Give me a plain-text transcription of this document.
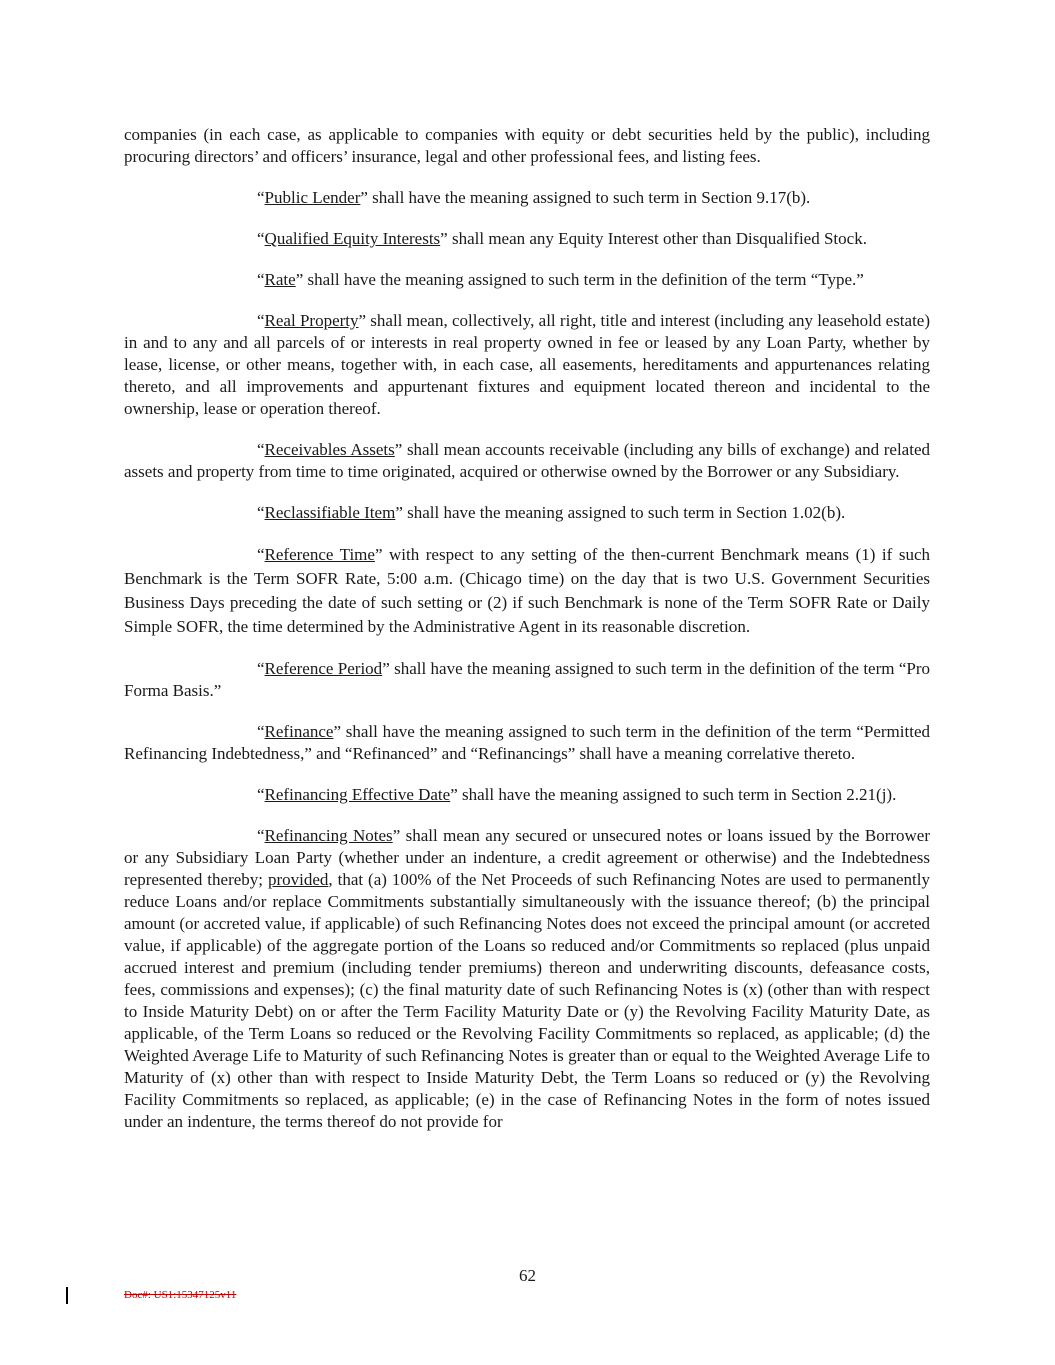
companies (in each case, as applicable to companies with equity or debt securities held by the public), including procuring directors’ and officers’ insurance, legal and other professional fees, and listing fees.

“Public Lender” shall have the meaning assigned to such term in Section 9.17(b).

“Qualified Equity Interests” shall mean any Equity Interest other than Disqualified Stock.

“Rate” shall have the meaning assigned to such term in the definition of the term “Type.”

“Real Property” shall mean, collectively, all right, title and interest (including any leasehold estate) in and to any and all parcels of or interests in real property owned in fee or leased by any Loan Party, whether by lease, license, or other means, together with, in each case, all easements, hereditaments and appurtenances relating thereto, and all improvements and appurtenant fixtures and equipment located thereon and incidental to the ownership, lease or operation thereof.

“Receivables Assets” shall mean accounts receivable (including any bills of exchange) and related assets and property from time to time originated, acquired or otherwise owned by the Borrower or any Subsidiary.

“Reclassifiable Item” shall have the meaning assigned to such term in Section 1.02(b).

“Reference Time” with respect to any setting of the then-current Benchmark means (1) if such Benchmark is the Term SOFR Rate, 5:00 a.m. (Chicago time) on the day that is two U.S. Government Securities Business Days preceding the date of such setting or (2) if such Benchmark is none of the Term SOFR Rate or Daily Simple SOFR, the time determined by the Administrative Agent in its reasonable discretion.

“Reference Period” shall have the meaning assigned to such term in the definition of the term “Pro Forma Basis.”

“Refinance” shall have the meaning assigned to such term in the definition of the term “Permitted Refinancing Indebtedness,” and “Refinanced” and “Refinancings” shall have a meaning correlative thereto.

“Refinancing Effective Date” shall have the meaning assigned to such term in Section 2.21(j).

“Refinancing Notes” shall mean any secured or unsecured notes or loans issued by the Borrower or any Subsidiary Loan Party (whether under an indenture, a credit agreement or otherwise) and the Indebtedness represented thereby; provided, that (a) 100% of the Net Proceeds of such Refinancing Notes are used to permanently reduce Loans and/or replace Commitments substantially simultaneously with the issuance thereof; (b) the principal amount (or accreted value, if applicable) of such Refinancing Notes does not exceed the principal amount (or accreted value, if applicable) of the aggregate portion of the Loans so reduced and/or Commitments so replaced (plus unpaid accrued interest and premium (including tender premiums) thereon and underwriting discounts, defeasance costs, fees, commissions and expenses); (c) the final maturity date of such Refinancing Notes is (x) (other than with respect to Inside Maturity Debt) on or after the Term Facility Maturity Date or (y) the Revolving Facility Maturity Date, as applicable, of the Term Loans so reduced or the Revolving Facility Commitments so replaced, as applicable; (d) the Weighted Average Life to Maturity of such Refinancing Notes is greater than or equal to the Weighted Average Life to Maturity of (x) other than with respect to Inside Maturity Debt, the Term Loans so reduced or (y) the Revolving Facility Commitments so replaced, as applicable; (e) in the case of Refinancing Notes in the form of notes issued under an indenture, the terms thereof do not provide for

62
Doc#: US1:15347125v11
